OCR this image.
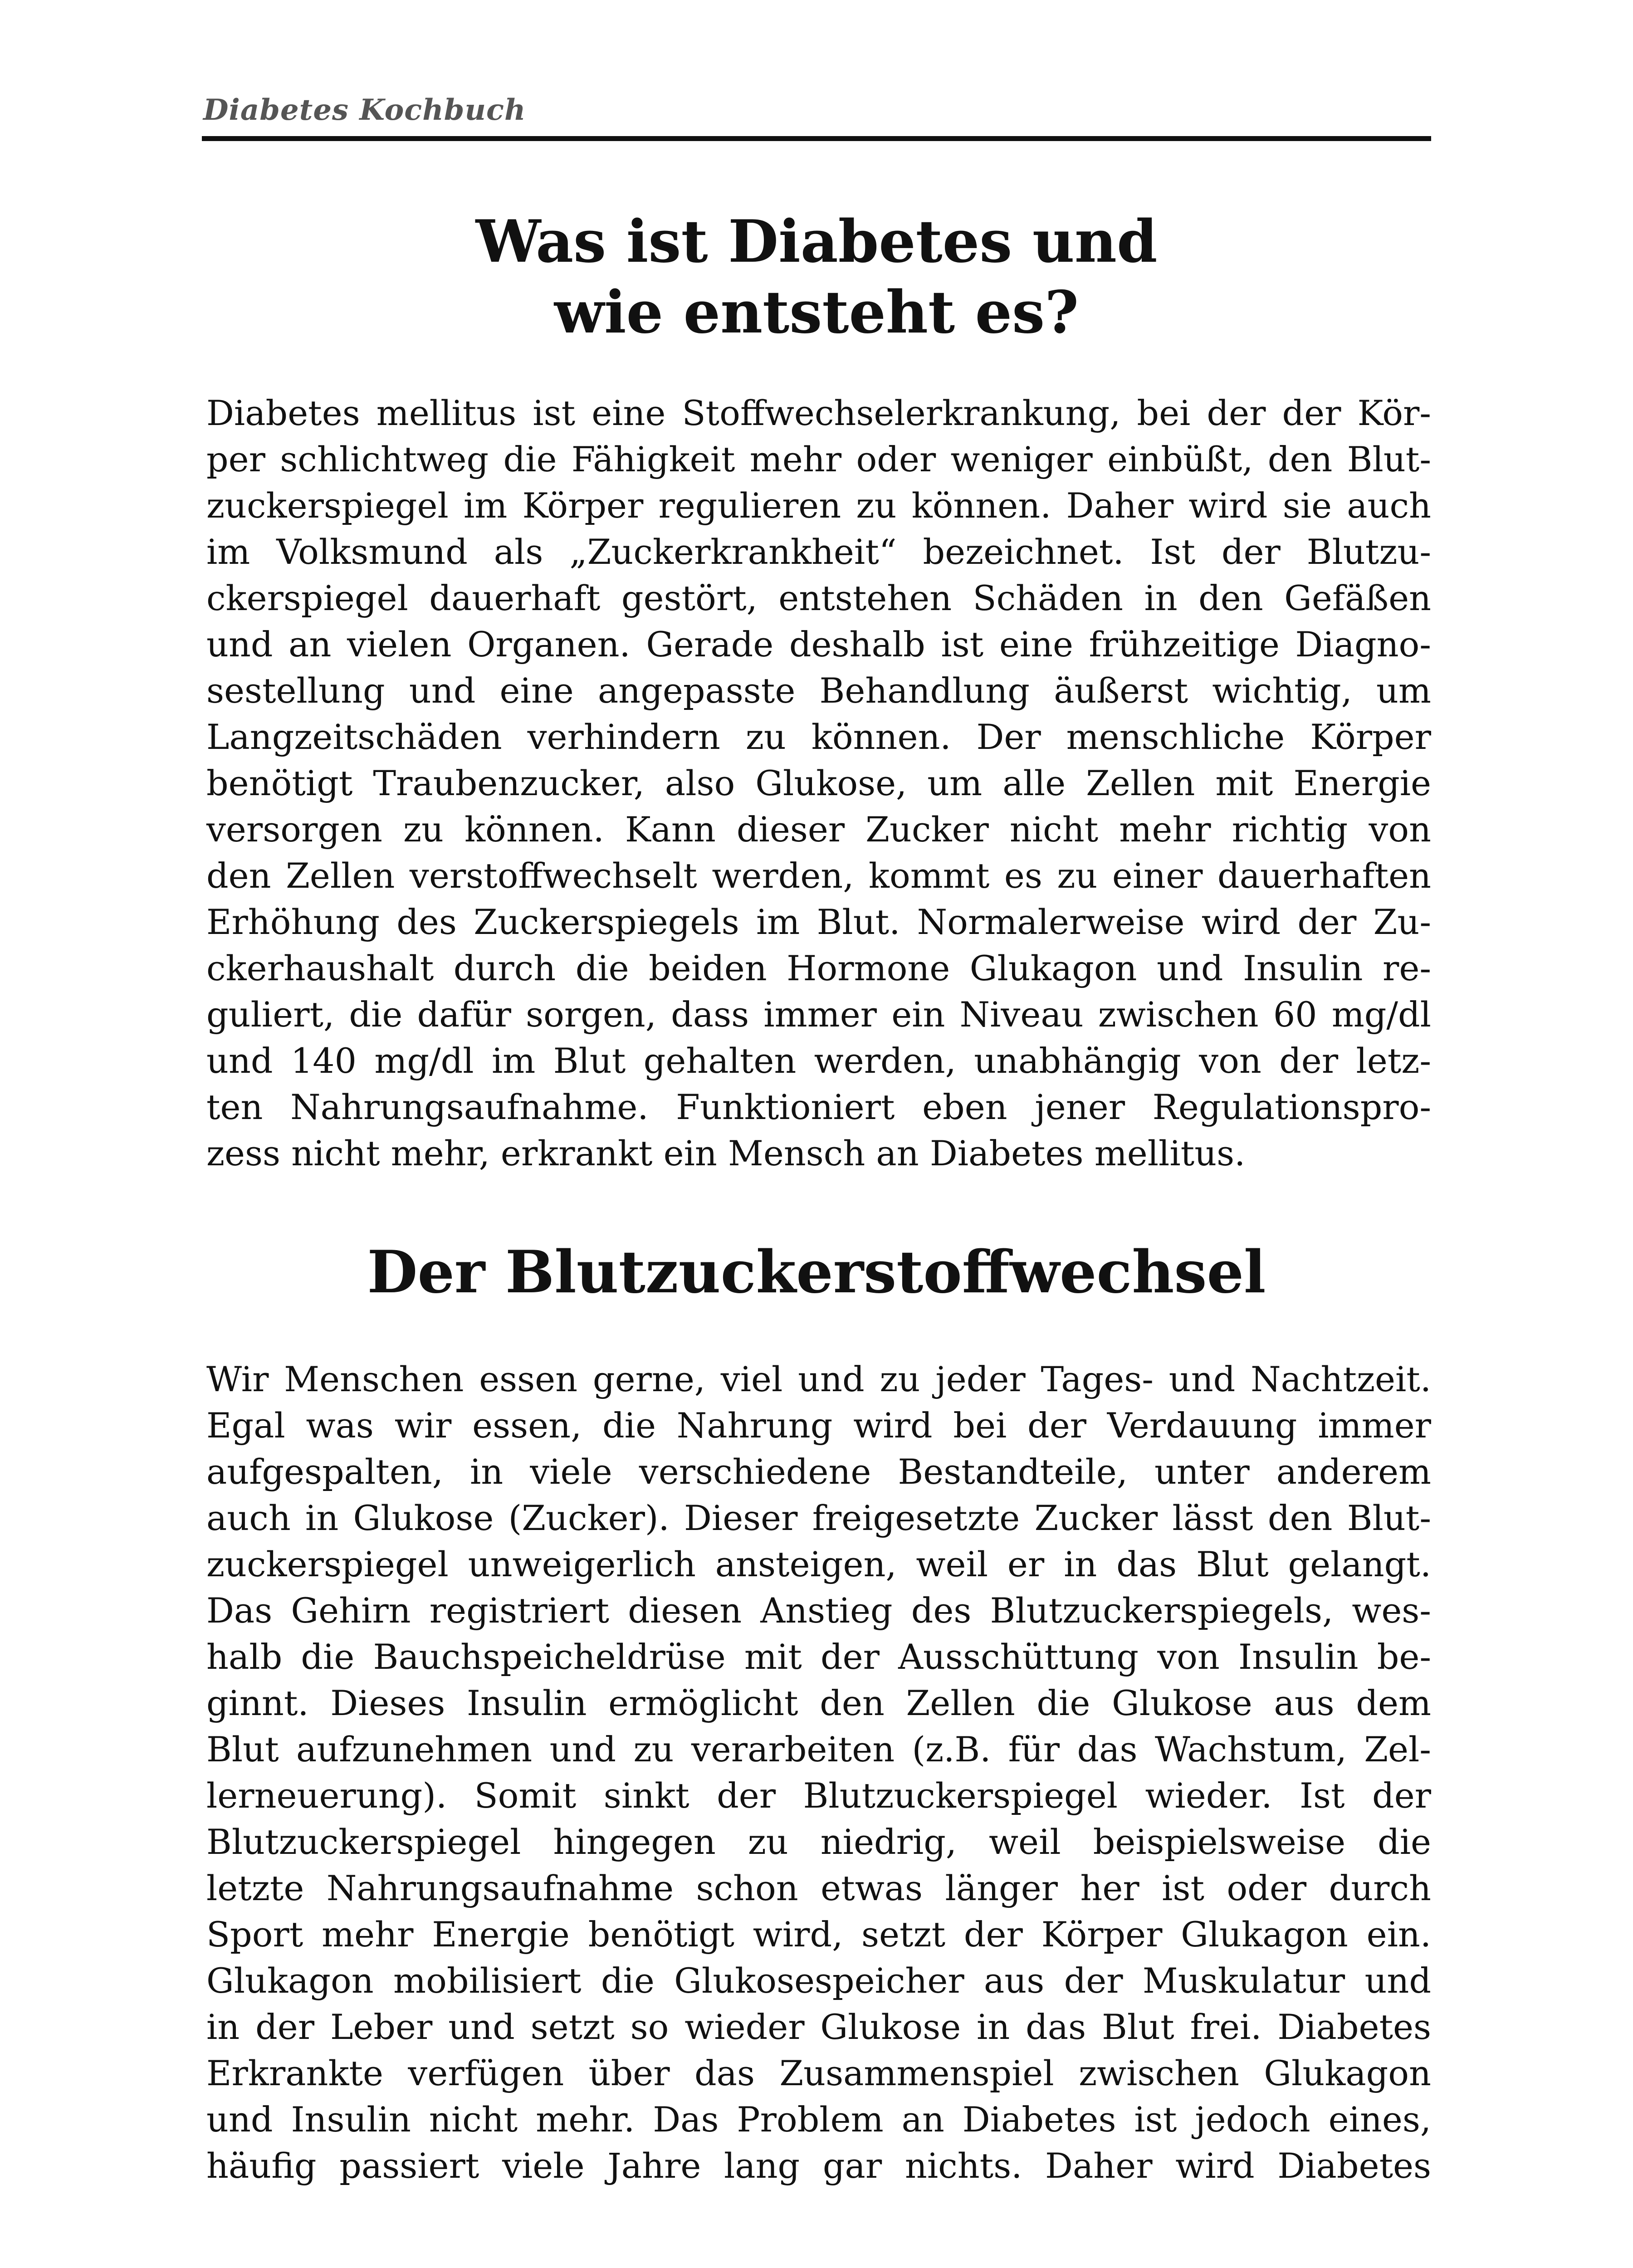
Diabetes Kochbuch
Was ist Diabetes und
wie entsteht es?

Diabetes mellitus ist eine Stoffwechselerkrankung, bei der der Kör-
per schlichtweg die Fähigkeit mehr oder weniger einbüßt, den Blut-
zuckerspiegel im Körper regulieren zu können. Daher wird sie auch
im Volksmund als „Zuckerkrankheit“ bezeichnet. Ist der Blutzu-
ckerspiegel dauerhaft gestört, entstehen Schäden in den Gefäßen
und an vielen Organen. Gerade deshalb ist eine frühzeitige Diagno-
sestellung und eine angepasste Behandlung äußerst wichtig, um
Langzeitschäden verhindern zu können. Der menschliche Körper
benötigt Traubenzucker, also Glukose, um alle Zellen mit Energie
versorgen zu können. Kann dieser Zucker nicht mehr richtig von
den Zellen verstoffwechselt werden, kommt es zu einer dauerhaften
Erhöhung des Zuckerspiegels im Blut. Normalerweise wird der Zu-
ckerhaushalt durch die beiden Hormone Glukagon und Insulin re-
guliert, die dafür sorgen, dass immer ein Niveau zwischen 60 mg/dl
und 140 mg/dl im Blut gehalten werden, unabhängig von der letz-
ten Nahrungsaufnahme. Funktioniert eben jener Regulationspro-
zess nicht mehr, erkrankt ein Mensch an Diabetes mellitus.

Der Blutzuckerstoffwechsel

Wir Menschen essen gerne, viel und zu jeder Tages- und Nachtzeit.
Egal was wir essen, die Nahrung wird bei der Verdauung immer
aufgespalten, in viele verschiedene Bestandteile, unter anderem
auch in Glukose (Zucker). Dieser freigesetzte Zucker lässt den Blut-
zuckerspiegel unweigerlich ansteigen, weil er in das Blut gelangt.
Das Gehirn registriert diesen Anstieg des Blutzuckerspiegels, wes-
halb die Bauchspeicheldrüse mit der Ausschüttung von Insulin be-
ginnt. Dieses Insulin ermöglicht den Zellen die Glukose aus dem
Blut aufzunehmen und zu verarbeiten (z.B. für das Wachstum, Zel-
lerneuerung). Somit sinkt der Blutzuckerspiegel wieder. Ist der
Blutzuckerspiegel hingegen zu niedrig, weil beispielsweise die
letzte Nahrungsaufnahme schon etwas länger her ist oder durch
Sport mehr Energie benötigt wird, setzt der Körper Glukagon ein.
Glukagon mobilisiert die Glukosespeicher aus der Muskulatur und
in der Leber und setzt so wieder Glukose in das Blut frei. Diabetes
Erkrankte verfügen über das Zusammenspiel zwischen Glukagon
und Insulin nicht mehr. Das Problem an Diabetes ist jedoch eines,
häufig passiert viele Jahre lang gar nichts. Daher wird Diabetes
